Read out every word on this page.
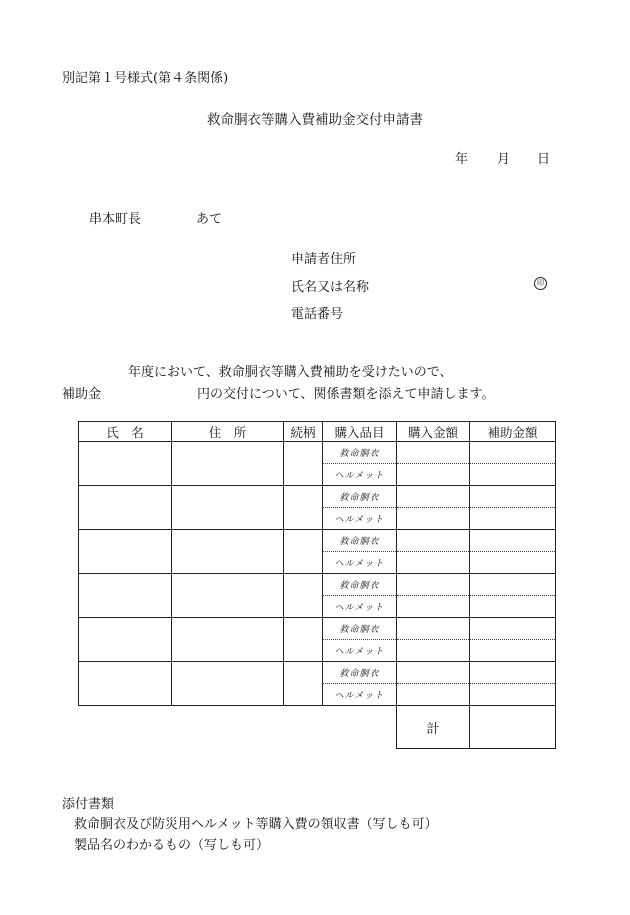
別記第１号様式(第４条関係)
救命胴衣等購入費補助金交付申請書
年 月 日
串本町長	あて
申請者住所
氏名又は名称	印
電話番号
年度において、救命胴衣等購入費補助を受けたいので、
補助金	円の交付について、関係書類を添えて申請します。
氏　名	住　所	続柄	購入品目	購入金額	補助金額
			救命胴衣		
			ヘルメット		
			救命胴衣		
			ヘルメット		
			救命胴衣		
			ヘルメット		
			救命胴衣		
			ヘルメット		
			救命胴衣		
			ヘルメット		
			救命胴衣		
			ヘルメット		
				計	
添付書類
救命胴衣及び防災用ヘルメット等購入費の領収書（写しも可）
製品名のわかるもの（写しも可）
